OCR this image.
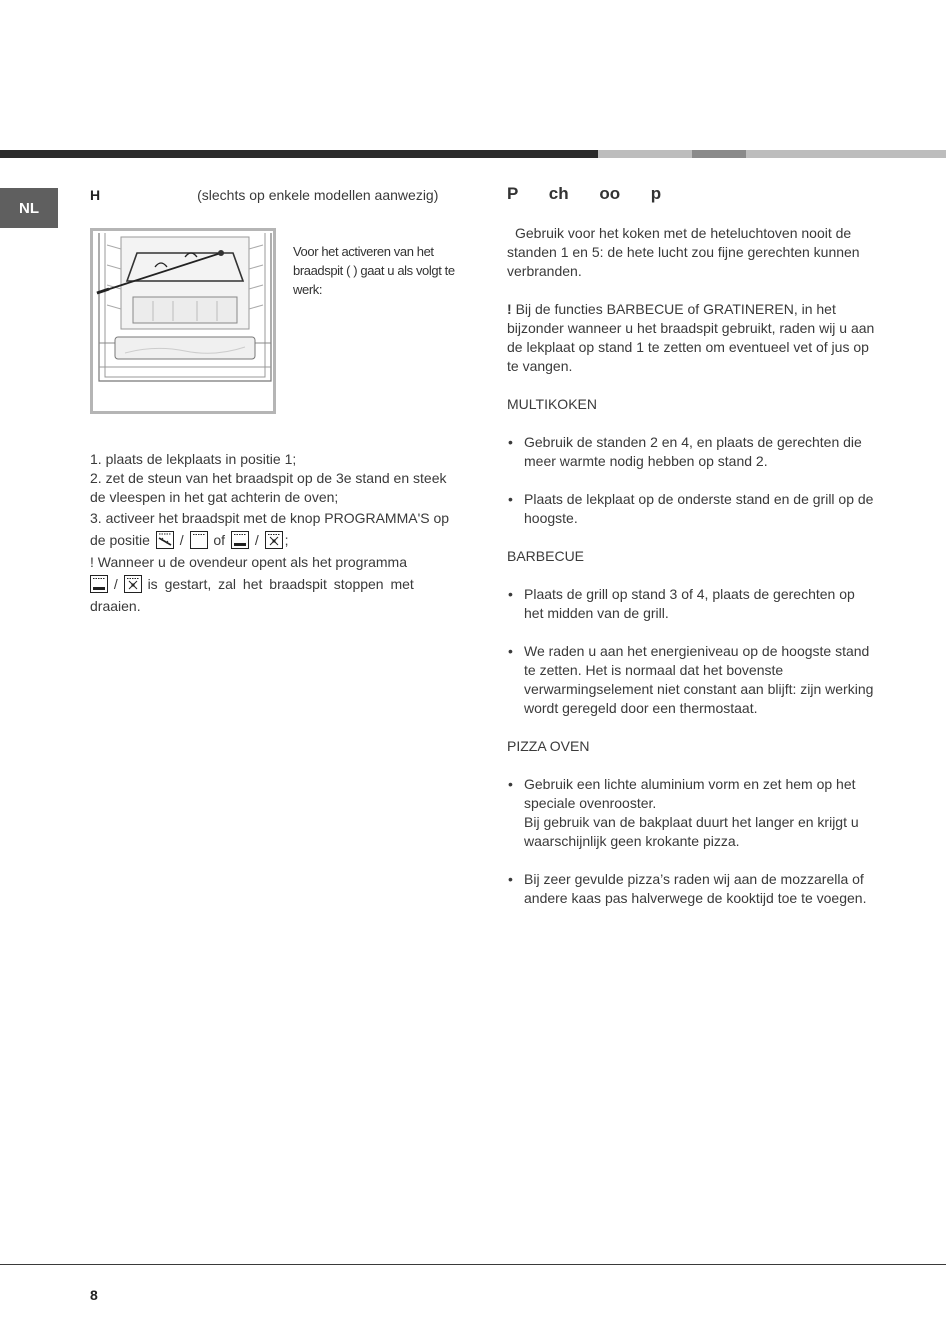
NL

H	(slechts op enkele modellen aanwezig)

Voor het activeren van het braadspit ( ) gaat u als volgt te werk:

1. plaats de lekplaats in positie 1;

2. zet de steun van het braadspit op de 3e stand en steek de vleespen in het gat achterin de oven;

3. activeer het braadspit met de knop PROGRAMMA'S op de positie / of / ;

! Wanneer u de ovendeur opent als het programma
/ is gestart, zal het braadspit stoppen met draaien.

P ch oo p

Gebruik voor het koken met de heteluchtoven nooit de standen 1 en 5: de hete lucht zou fijne gerechten kunnen verbranden.

! Bij de functies BARBECUE of GRATINEREN, in het bijzonder wanneer u het braadspit gebruikt, raden wij u aan de lekplaat op stand 1 te zetten om eventueel vet of jus op te vangen.

MULTIKOKEN
• Gebruik de standen 2 en 4, en plaats de gerechten die meer warmte nodig hebben op stand 2.
• Plaats de lekplaat op de onderste stand en de grill op de hoogste.
BARBECUE
• Plaats de grill op stand 3 of 4, plaats de gerechten op het midden van de grill.
• We raden u aan het energieniveau op de hoogste stand te zetten. Het is normaal dat het bovenste verwarmingselement niet constant aan blijft: zijn werking wordt geregeld door een thermostaat.
PIZZA OVEN
• Gebruik een lichte aluminium vorm en zet hem op het speciale ovenrooster.
Bij gebruik van de bakplaat duurt het langer en krijgt u waarschijnlijk geen krokante pizza.
• Bij zeer gevulde pizza’s raden wij aan de mozzarella of andere kaas pas halverwege de kooktijd toe te voegen.
8
